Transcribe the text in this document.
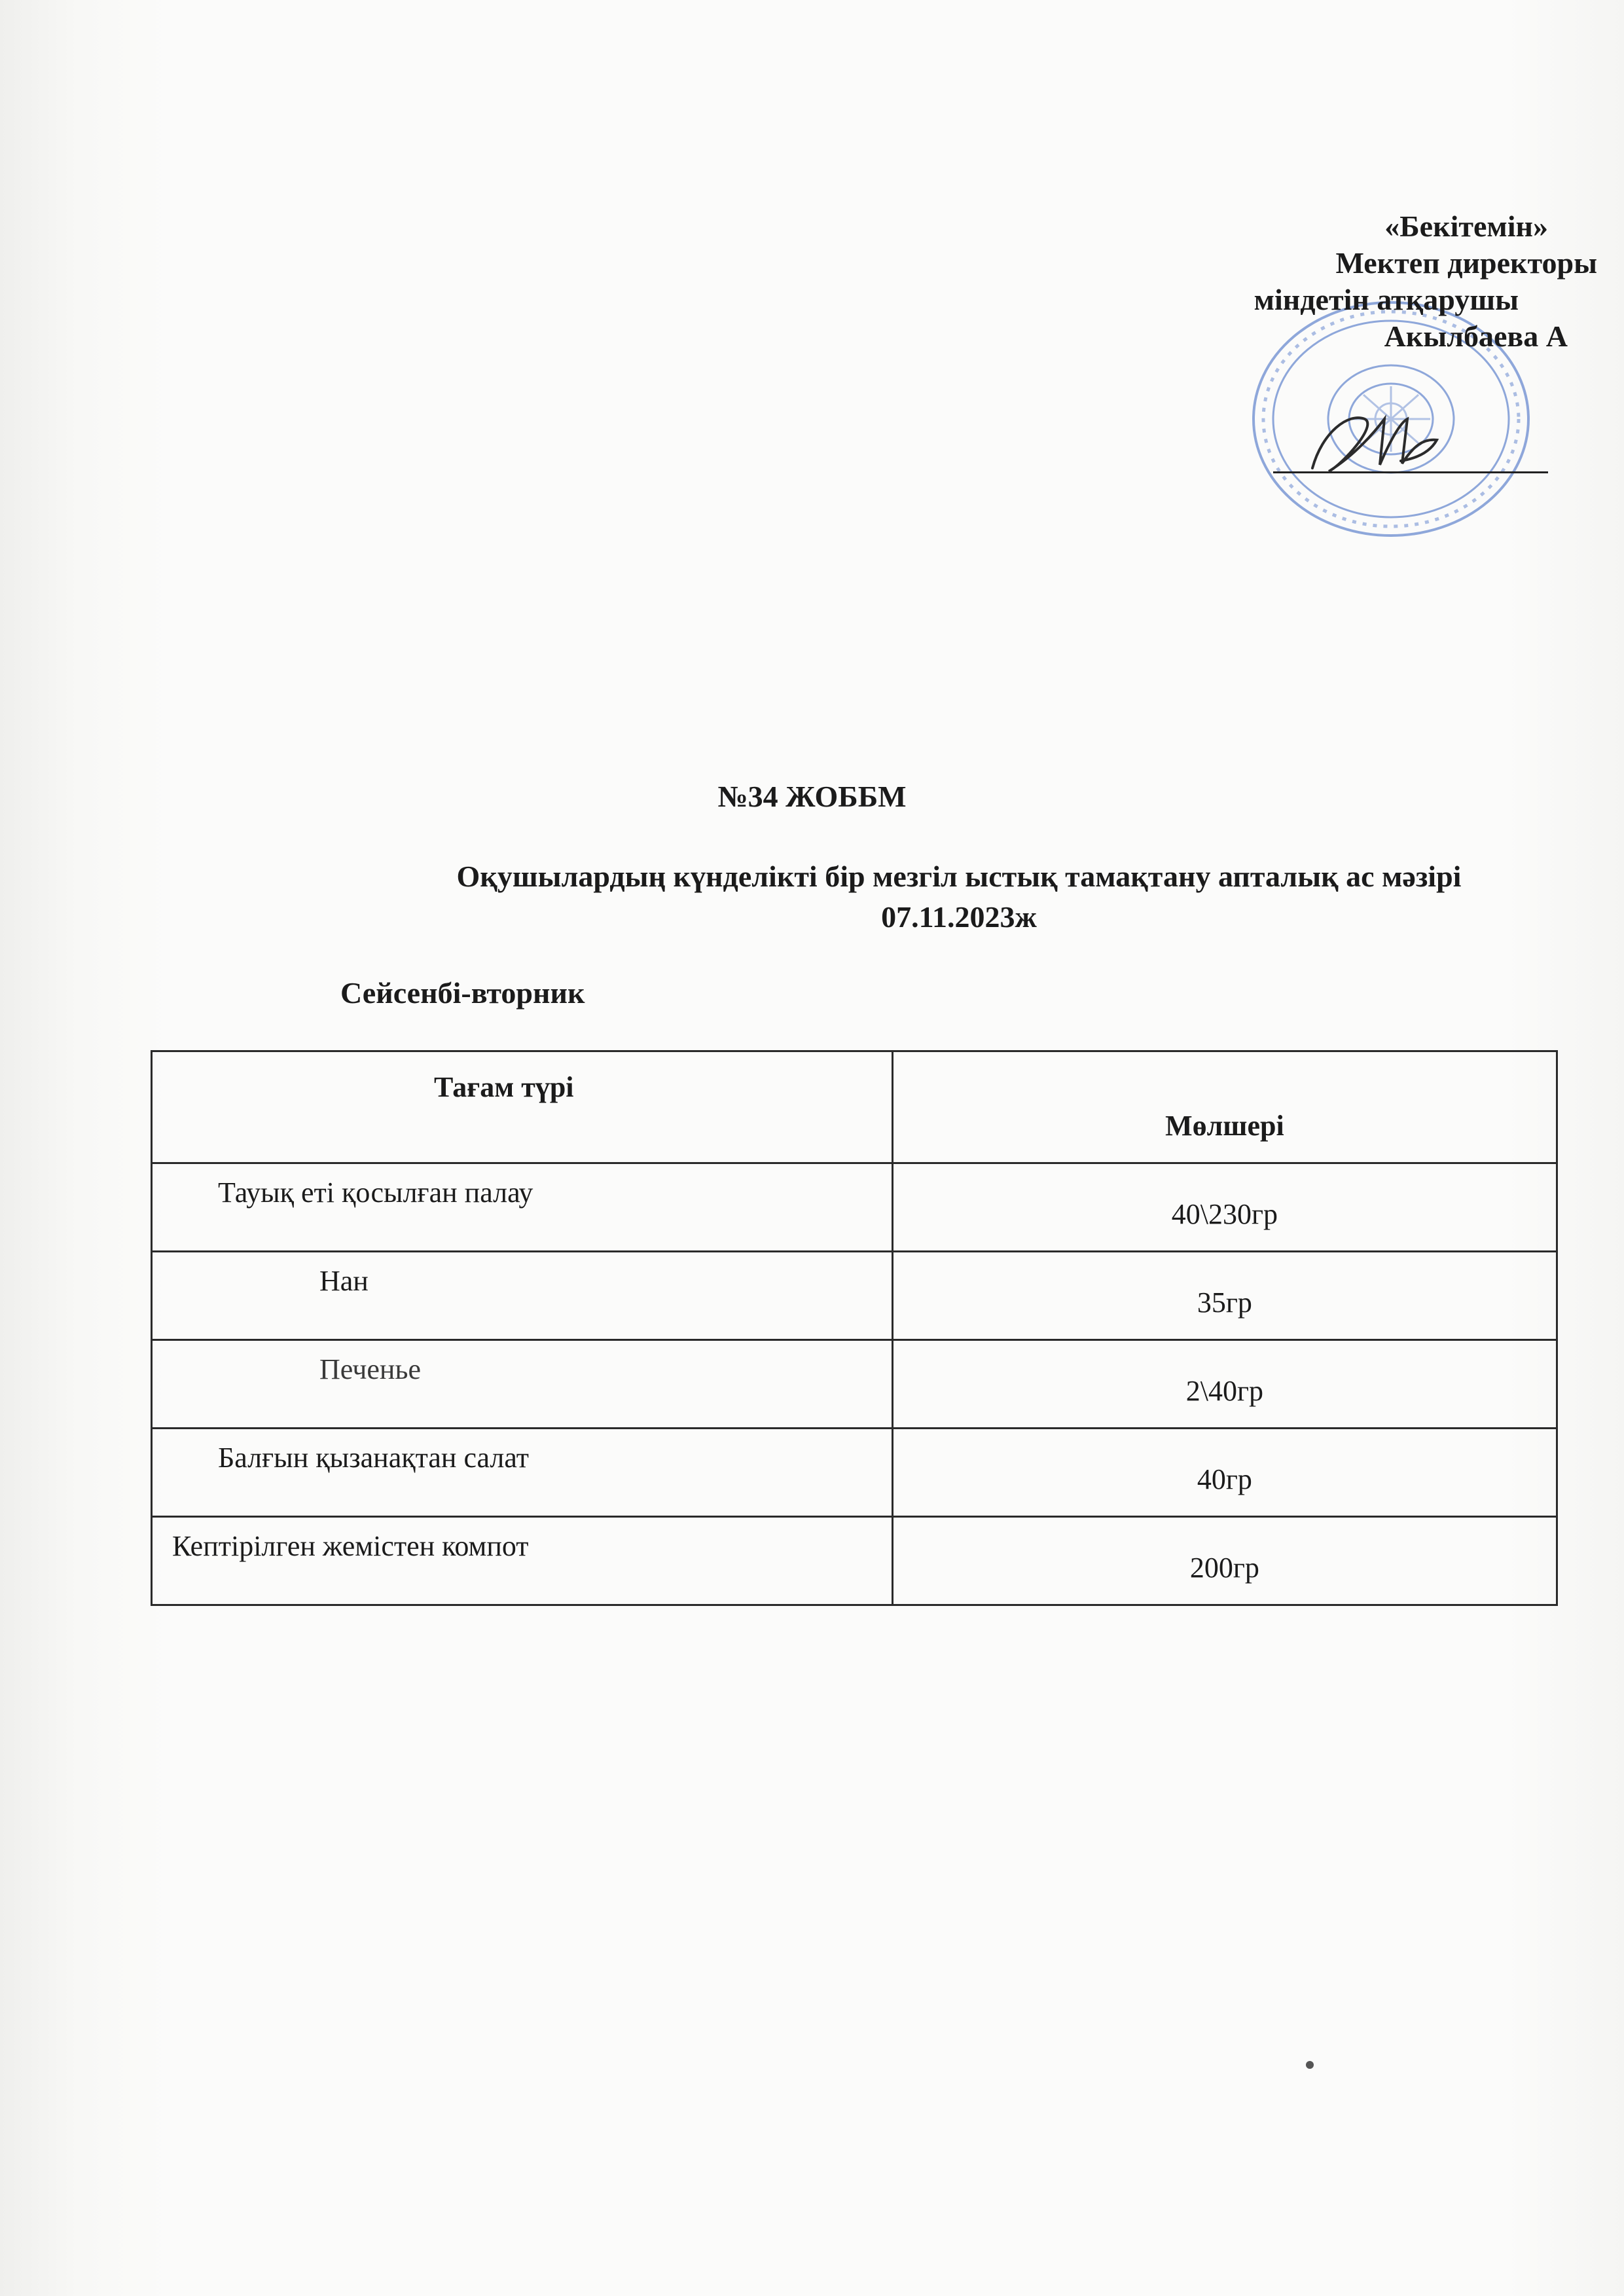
«Бекітемін»
Мектеп директоры
міндетін атқарушы
Акылбаева А
№34 ЖОББМ
Оқушылардың күнделікті бір мезгіл ыстық тамақтану апталық ас мәзірі
07.11.2023ж
Сейсенбі-вторник
Тағам түрі	Мөлшері
Тауық еті қосылған палау	40\230гр
Нан	35гр
Печенье	2\40гр
Балғын қызанақтан салат	40гр
Кептірілген жемістен компот	200гр
